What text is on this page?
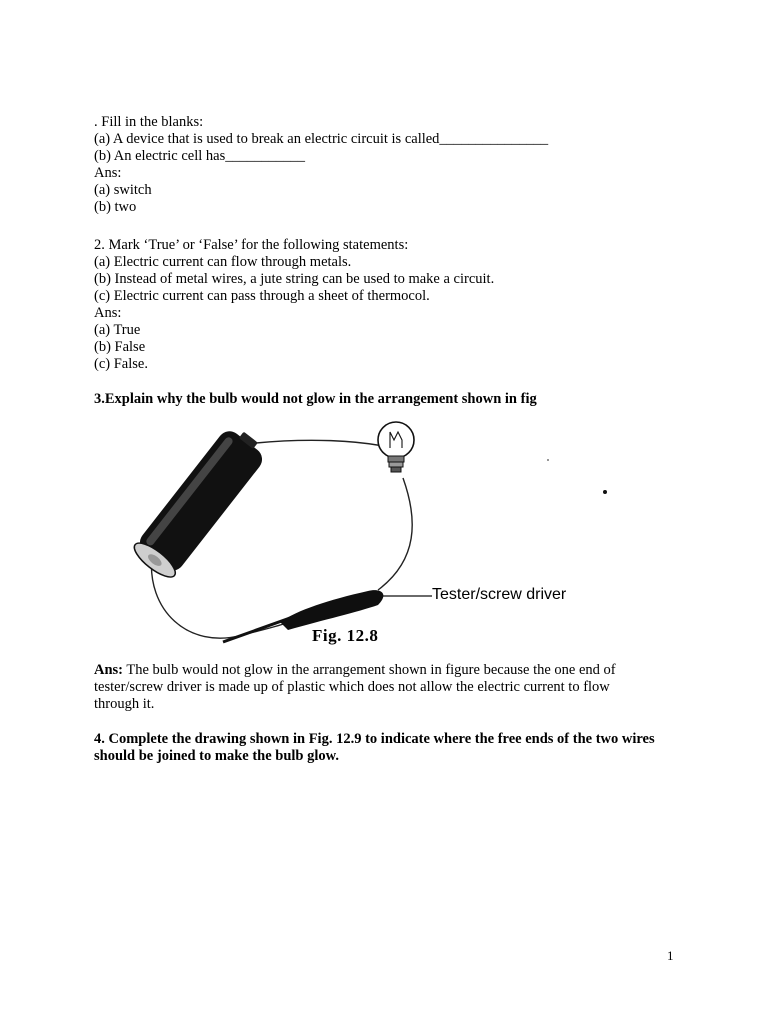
. Fill in the blanks:
(a) A device that is used to break an electric circuit is called_______________
(b) An electric cell has___________
Ans:
(a) switch
(b) two
2. Mark ‘True’ or ‘False’ for the following statements:
(a) Electric current can flow through metals.
(b) Instead of metal wires, a jute string can be used to make a circuit.
(c) Electric current can pass through a sheet of thermocol.
Ans:
(a) True
(b) False
(c) False.
3.Explain why the bulb would not glow in the arrangement shown in fig
Tester/screw driver
Fig. 12.8
Ans: The bulb would not glow in the arrangement shown in figure because the one end of tester/screw driver is made up of plastic which does not allow the electric current to flow through it.
4. Complete the drawing shown in Fig. 12.9 to indicate where the free ends of the two wires should be joined to make the bulb glow.
1
